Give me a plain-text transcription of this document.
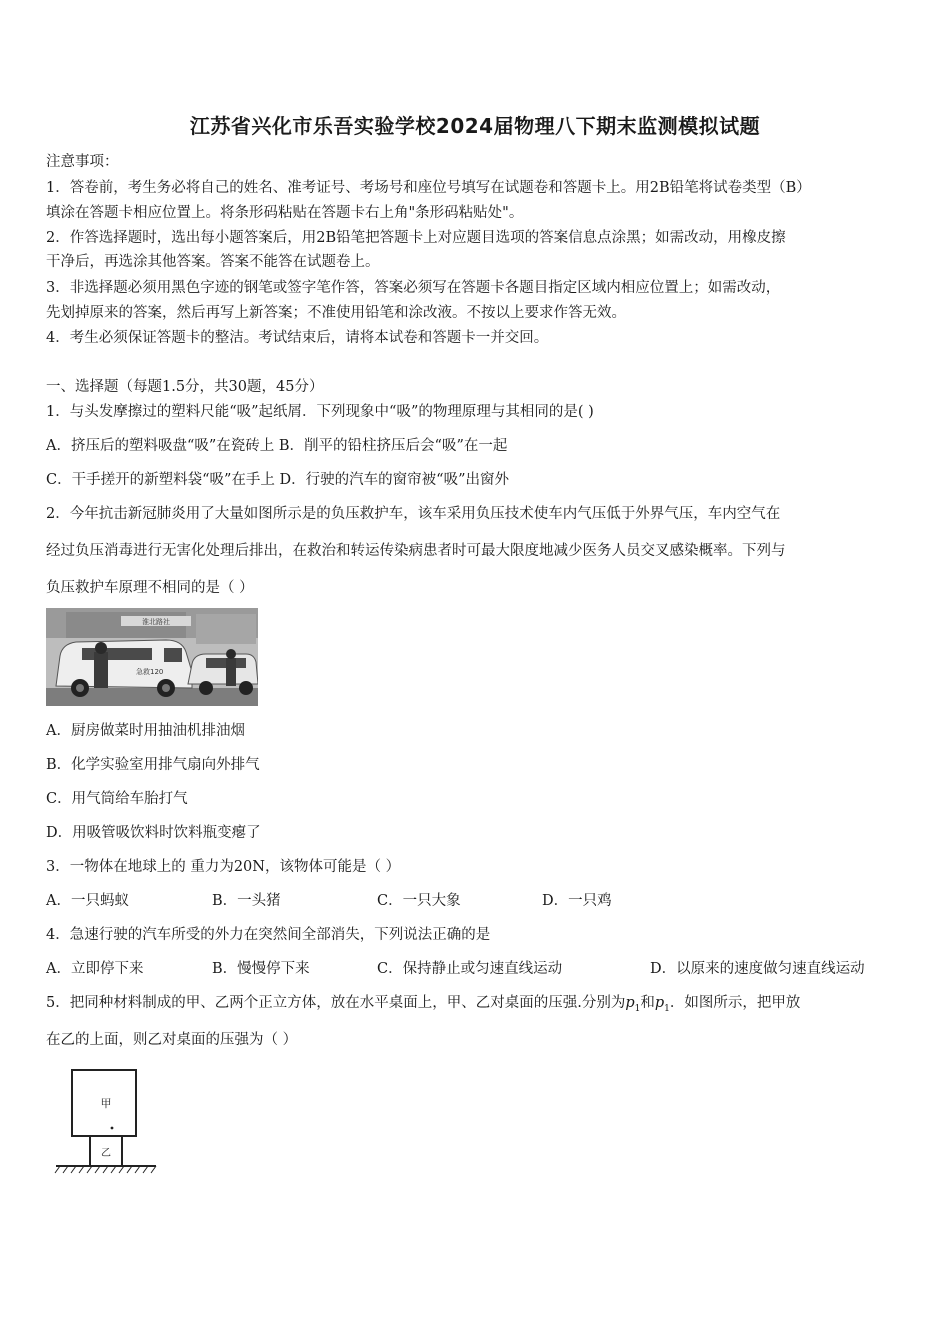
江苏省兴化市乐吾实验学校2024届物理八下期末监测模拟试题
注意事项：
1．答卷前，考生务必将自己的姓名、准考证号、考场号和座位号填写在试题卷和答题卡上。用2B铅笔将试卷类型（B）
填涂在答题卡相应位置上。将条形码粘贴在答题卡右上角"条形码粘贴处"。
2．作答选择题时，选出每小题答案后，用2B铅笔把答题卡上对应题目选项的答案信息点涂黑；如需改动，用橡皮擦
干净后，再选涂其他答案。答案不能答在试题卷上。
3．非选择题必须用黑色字迹的钢笔或签字笔作答，答案必须写在答题卡各题目指定区域内相应位置上；如需改动，
先划掉原来的答案，然后再写上新答案；不准使用铅笔和涂改液。不按以上要求作答无效。
4．考生必须保证答题卡的整洁。考试结束后，请将本试卷和答题卡一并交回。
一、选择题（每题1.5分，共30题，45分）
1．与头发摩擦过的塑料尺能“吸”起纸屑．下列现象中“吸”的物理原理与其相同的是( )
A．挤压后的塑料吸盘“吸”在瓷砖上 B．削平的铅柱挤压后会“吸”在一起
C．干手搓开的新塑料袋“吸”在手上 D．行驶的汽车的窗帘被“吸”出窗外
2．今年抗击新冠肺炎用了大量如图所示是的负压救护车，该车采用负压技术使车内气压低于外界气压，车内空气在
经过负压消毒进行无害化处理后排出，在救治和转运传染病患者时可最大限度地减少医务人员交叉感染概率。下列与
负压救护车原理不相同的是（ ）
淮北路社
急救120
A．厨房做菜时用抽油机排油烟
B．化学实验室用排气扇向外排气
C．用气筒给车胎打气
D．用吸管吸饮料时饮料瓶变瘪了
3．一物体在地球上的 重力为20N，该物体可能是（ ）
A．一只蚂蚁	B．一头猪	C．一只大象	D．一只鸡
4．急速行驶的汽车所受的外力在突然间全部消失，下列说法正确的是
A．立即停下来	B．慢慢停下来	C．保持静止或匀速直线运动	D．以原来的速度做匀速直线运动
5．把同种材料制成的甲、乙两个正立方体，放在水平桌面上，甲、乙对桌面的压强.分别为$p_1$和$p_1$．如图所示，把甲放
在乙的上面，则乙对桌面的压强为（ ）
甲
乙
